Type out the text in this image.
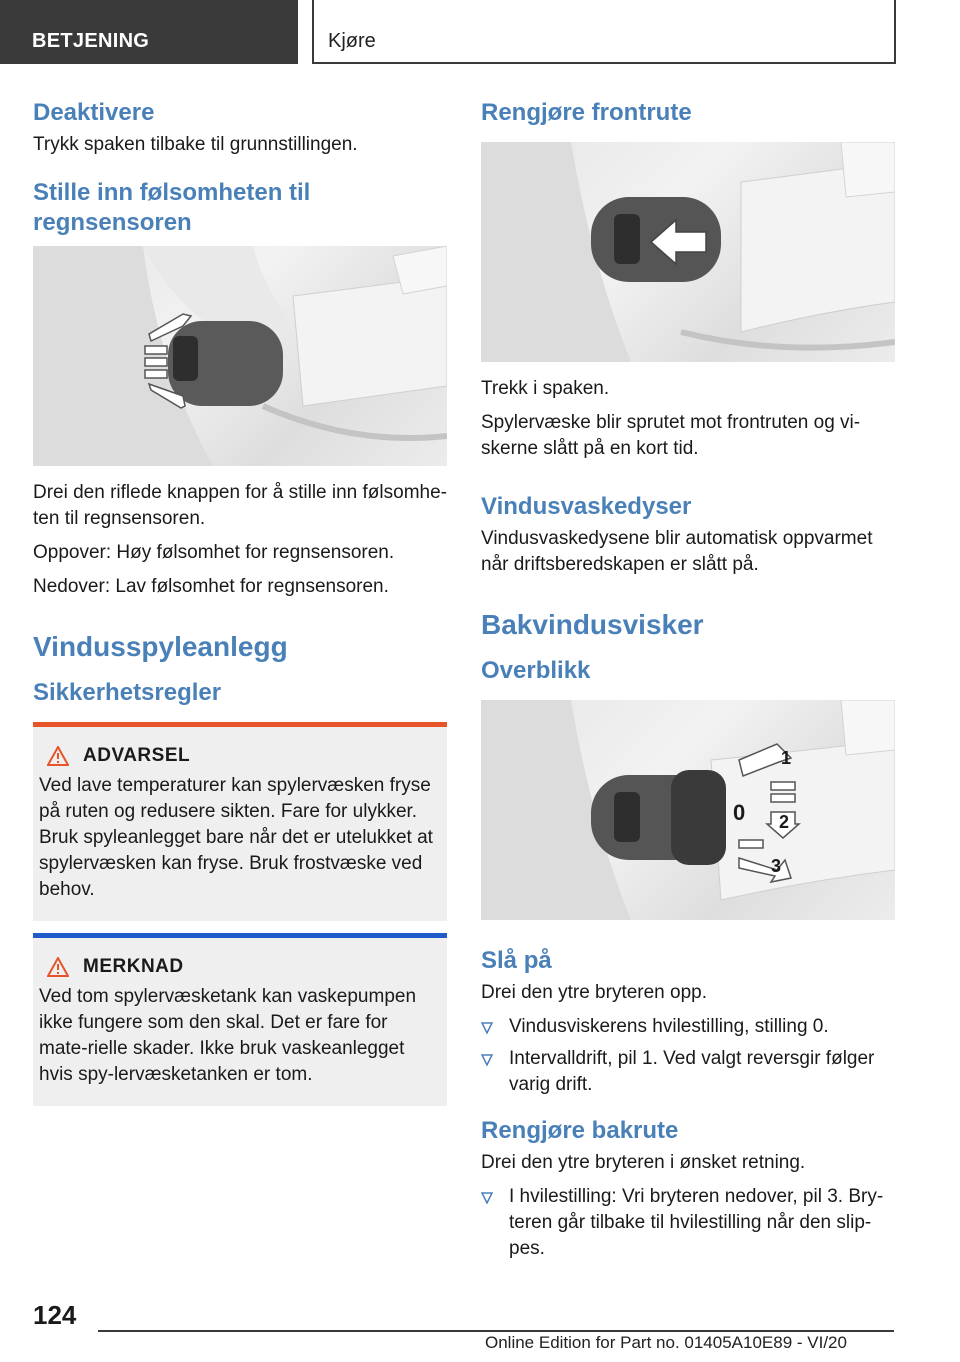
BETJENING	Kjøre
Deaktivere

Trykk spaken tilbake til grunnstillingen.

Stille inn følsomheten til regnsensoren

Drei den riflede knappen for å stille inn følsomhe-ten til regnsensoren.

Oppover: Høy følsomhet for regnsensoren.

Nedover: Lav følsomhet for regnsensoren.

Vindusspyleanlegg
Sikkerhetsregler
ADVARSEL

Ved lave temperaturer kan spylervæsken fryse på ruten og redusere sikten. Fare for ulykker. Bruk spyleanlegget bare når det er utelukket at spylervæsken kan fryse. Bruk frostvæske ved behov.

MERKNAD

Ved tom spylervæsketank kan vaskepumpen ikke fungere som den skal. Det er fare for mate-rielle skader. Ikke bruk vaskeanlegget hvis spy-lervæsketanken er tom.

Rengjøre frontrute

Trekk i spaken.

Spylervæske blir sprutet mot frontruten og vi-skerne slått på en kort tid.

Vindusvaskedyser

Vindusvaskedysene blir automatisk oppvarmet når driftsberedskapen er slått på.

Bakvindusvisker
Overblikk
1
0 2
3
Slå på

Drei den ytre bryteren opp.

Vindusviskerens hvilestilling, stilling 0.
Intervalldrift, pil 1. Ved valgt reversgir følger varig drift.
Rengjøre bakrute

Drei den ytre bryteren i ønsket retning.

I hvilestilling: Vri bryteren nedover, pil 3. Bry-teren går tilbake til hvilestilling når den slip-pes.
124
Online Edition for Part no. 01405A10E89 - VI/20
